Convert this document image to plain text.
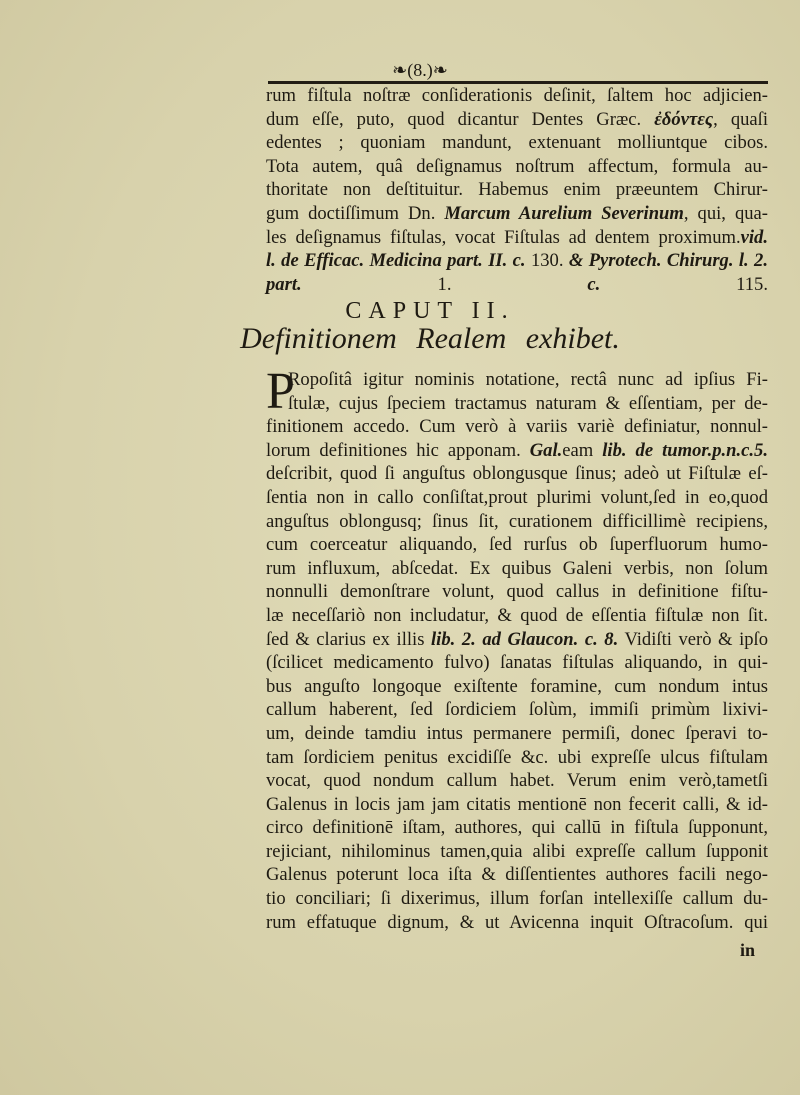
❧(8.)❧
rum fiſtula noſtræ conſiderationis deſinit, ſaltem hoc adjicien-
dum eſſe, puto, quod dicantur Dentes Græc. ἐδόντες, quaſi
edentes ; quoniam mandunt, extenuant molliuntque cibos.
Tota autem, quâ deſignamus noſtrum affectum, formula au-
thoritate non deſtituitur. Habemus enim præeuntem Chirur-
gum doctiſſimum Dn. Marcum Aurelium Severinum, qui, qua-
les deſignamus fiſtulas, vocat Fiſtulas ad dentem proximum.vid.
l. de Efficac. Medicina part. II. c. 130. & Pyrotech. Chirurg. l. 2.
part. 1. c. 115.
CAPUT II.
Definitionem Realem exhibet.
P
Ropoſitâ igitur nominis notatione, rectâ nunc ad ipſius Fi-
ſtulæ, cujus ſpeciem tractamus naturam & eſſentiam, per de-
finitionem accedo. Cum verò à variis variè definiatur, nonnul-
lorum definitiones hic apponam. Gal.eam lib. de tumor.p.n.c.5.
deſcribit, quod ſi anguſtus oblongusque ſinus; adeò ut Fiſtulæ eſ-
ſentia non in callo conſiſtat,prout plurimi volunt,ſed in eo,quod
anguſtus oblongusq; ſinus ſit, curationem difficillimè recipiens,
cum coerceatur aliquando, ſed rurſus ob ſuperfluorum humo-
rum influxum, abſcedat. Ex quibus Galeni verbis, non ſolum
nonnulli demonſtrare volunt, quod callus in definitione fiſtu-
læ neceſſariò non includatur, & quod de eſſentia fiſtulæ non ſit.
ſed & clarius ex illis lib. 2. ad Glaucon. c. 8. Vidiſti verò & ipſo
(ſcilicet medicamento fulvo) ſanatas fiſtulas aliquando, in qui-
bus anguſto longoque exiſtente foramine, cum nondum intus
callum haberent, ſed ſordiciem ſolùm, immiſi primùm lixivi-
um, deinde tamdiu intus permanere permiſi, donec ſperavi to-
tam ſordiciem penitus excidiſſe &c. ubi expreſſe ulcus fiſtulam
vocat, quod nondum callum habet. Verum enim verò,tametſi
Galenus in locis jam jam citatis mentionē non fecerit calli, & id-
circo definitionē iſtam, authores, qui callū in fiſtula ſupponunt,
rejiciant, nihilominus tamen,quia alibi expreſſe callum ſupponit
Galenus poterunt loca iſta & diſſentientes authores facili nego-
tio conciliari; ſi dixerimus, illum forſan intellexiſſe callum du-
rum effatuque dignum, & ut Avicenna inquit Oſtracoſum. qui
in
